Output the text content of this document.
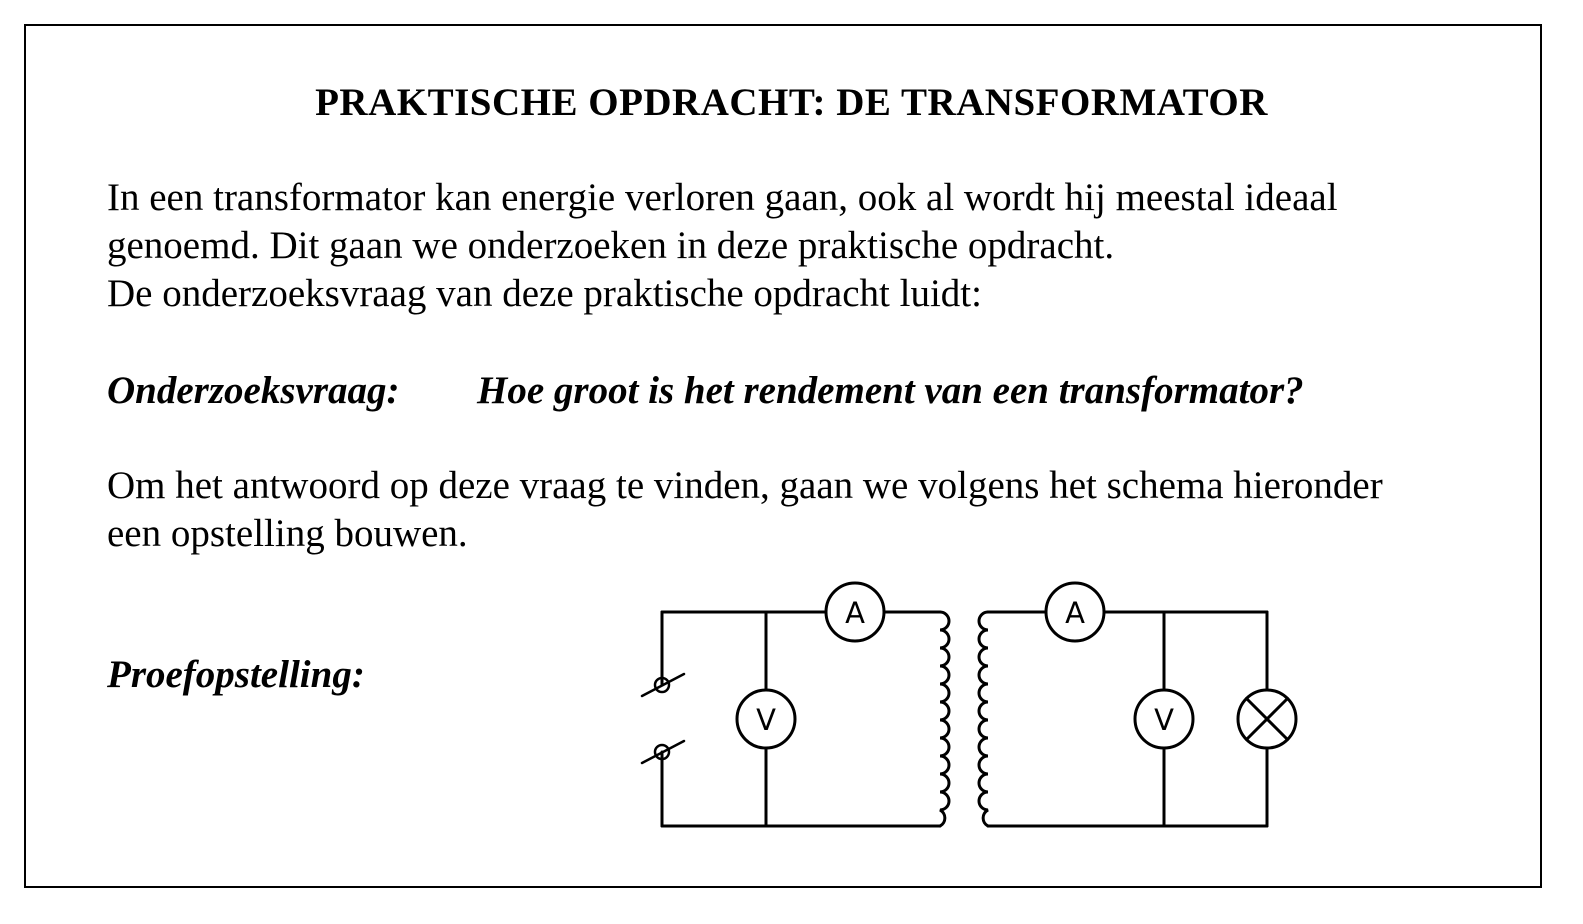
PRAKTISCHE OPDRACHT: DE TRANSFORMATOR
In een transformator kan energie verloren gaan, ook al wordt hij meestal ideaal
genoemd. Dit gaan we onderzoeken in deze praktische opdracht.
De onderzoeksvraag van deze praktische opdracht luidt:
Onderzoeksvraag: Hoe groot is het rendement van een transformator?
Om het antwoord op deze vraag te vinden, gaan we volgens het schema hieronder
een opstelling bouwen.
Proefopstelling:
A	A
V	V
